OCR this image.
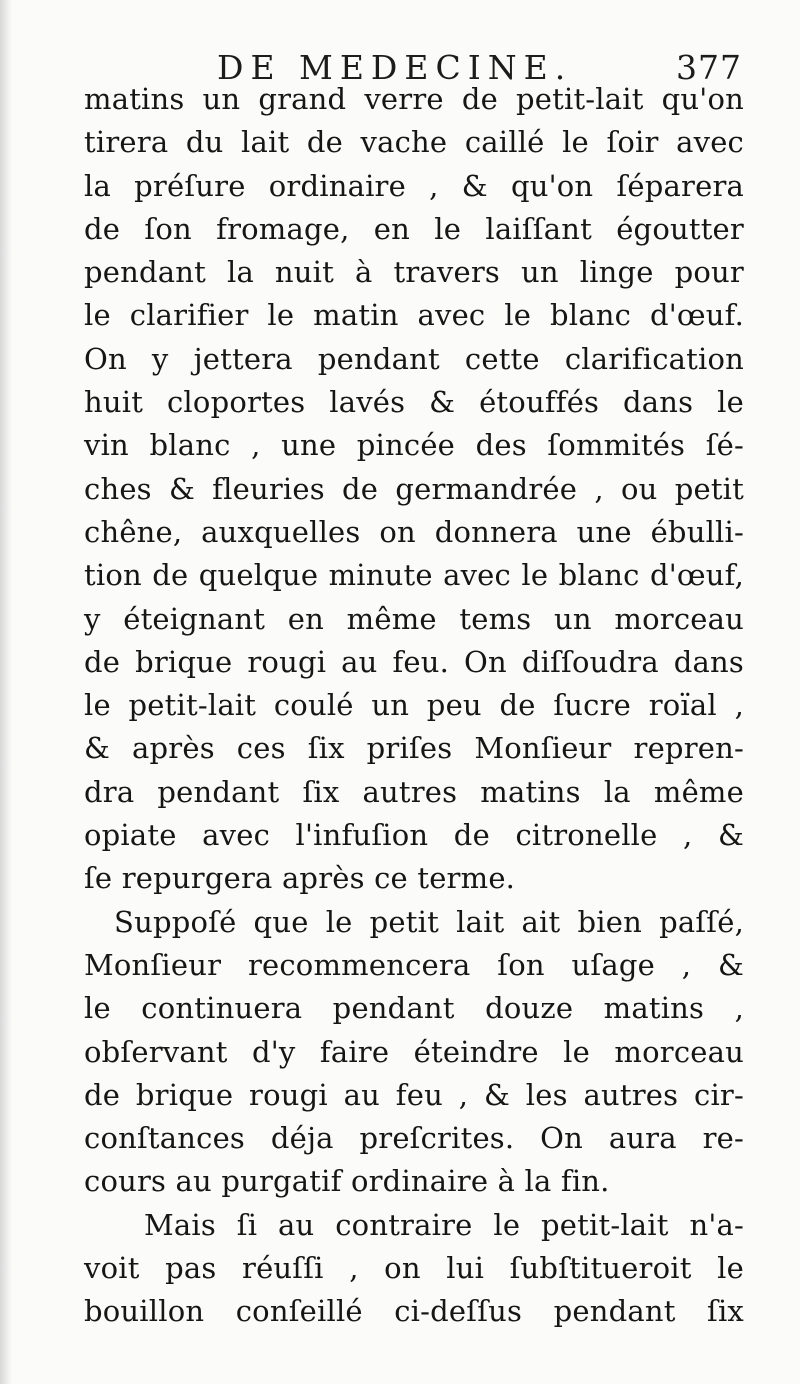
DE MEDECINE.	377
matins un grand verre de petit-lait qu'on
tirera du lait de vache caillé le ſoir avec
la préſure ordinaire , & qu'on ſéparera
de ſon fromage, en le laiſſant égoutter
pendant la nuit à travers un linge pour
le clarifier le matin avec le blanc d'œuf.
On y jettera pendant cette clarification
huit cloportes lavés & étouffés dans le
vin blanc , une pincée des ſommités ſé-
ches & fleuries de germandrée , ou petit
chêne, auxquelles on donnera une ébulli-
tion de quelque minute avec le blanc d'œuf,
y éteignant en même tems un morceau
de brique rougi au feu. On diſſoudra dans
le petit-lait coulé un peu de ſucre roïal ,
& après ces ſix priſes Monſieur repren-
dra pendant ſix autres matins la même
opiate avec l'infuſion de citronelle , &
ſe repurgera après ce terme.
Suppoſé que le petit lait ait bien paſſé,
Monſieur recommencera ſon uſage , &
le continuera pendant douze matins ,
obſervant d'y faire éteindre le morceau
de brique rougi au feu , & les autres cir-
conſtances déja preſcrites. On aura re-
cours au purgatif ordinaire à la fin.
Mais ſi au contraire le petit-lait n'a-
voit pas réuſſi , on lui ſubſtitueroit le
bouillon conſeillé ci-deſſus pendant ſix
